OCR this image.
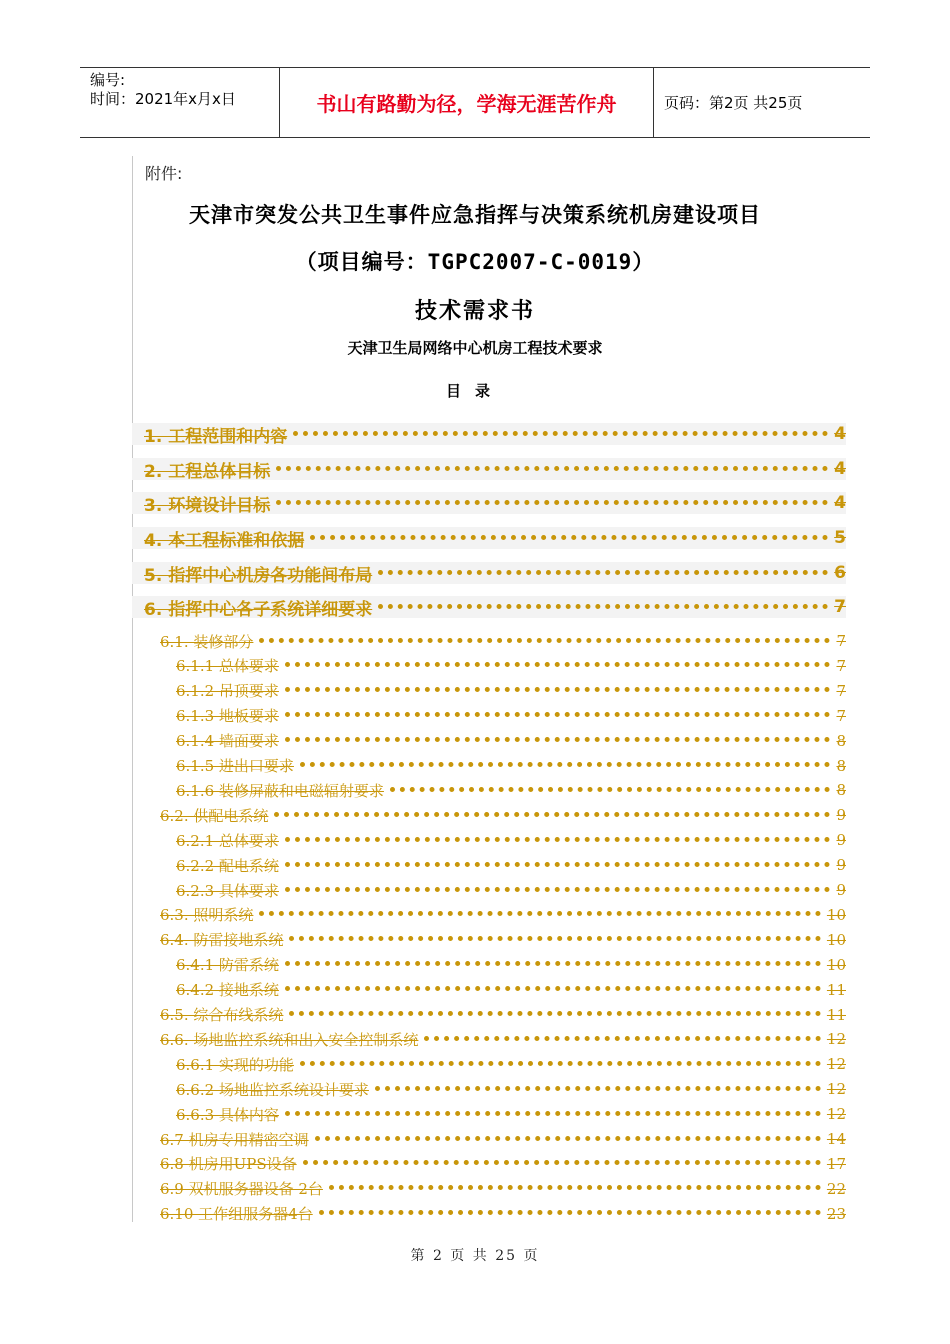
编号:
时间：2021年x月x日	书山有路勤为径，学海无涯苦作舟	页码：第2页 共25页
附件:
天津市突发公共卫生事件应急指挥与决策系统机房建设项目
（项目编号：TGPC2007-C-0019）
技术需求书
天津卫生局网络中心机房工程技术要求
目录
1. 工程范围和内容	4
2. 工程总体目标	4
3. 环境设计目标	4
4. 本工程标准和依据	5
5. 指挥中心机房各功能间布局	6
6. 指挥中心各子系统详细要求	7
6.1. 装修部分	7
6.1.1 总体要求	7
6.1.2 吊顶要求	7
6.1.3 地板要求	7
6.1.4 墙面要求	8
6.1.5 进出口要求	8
6.1.6 装修屏蔽和电磁辐射要求	8
6.2. 供配电系统	9
6.2.1 总体要求	9
6.2.2 配电系统	9
6.2.3 具体要求	9
6.3. 照明系统	10
6.4. 防雷接地系统	10
6.4.1 防雷系统	10
6.4.2 接地系统	11
6.5. 综合布线系统	11
6.6. 场地监控系统和出入安全控制系统	12
6.6.1 实现的功能	12
6.6.2 场地监控系统设计要求	12
6.6.3 具体内容	12
6.7 机房专用精密空调	14
6.8 机房用UPS设备	17
6.9 双机服务器设备 2台	22
6.10 工作组服务器4台	23
第 2 页 共 25 页
